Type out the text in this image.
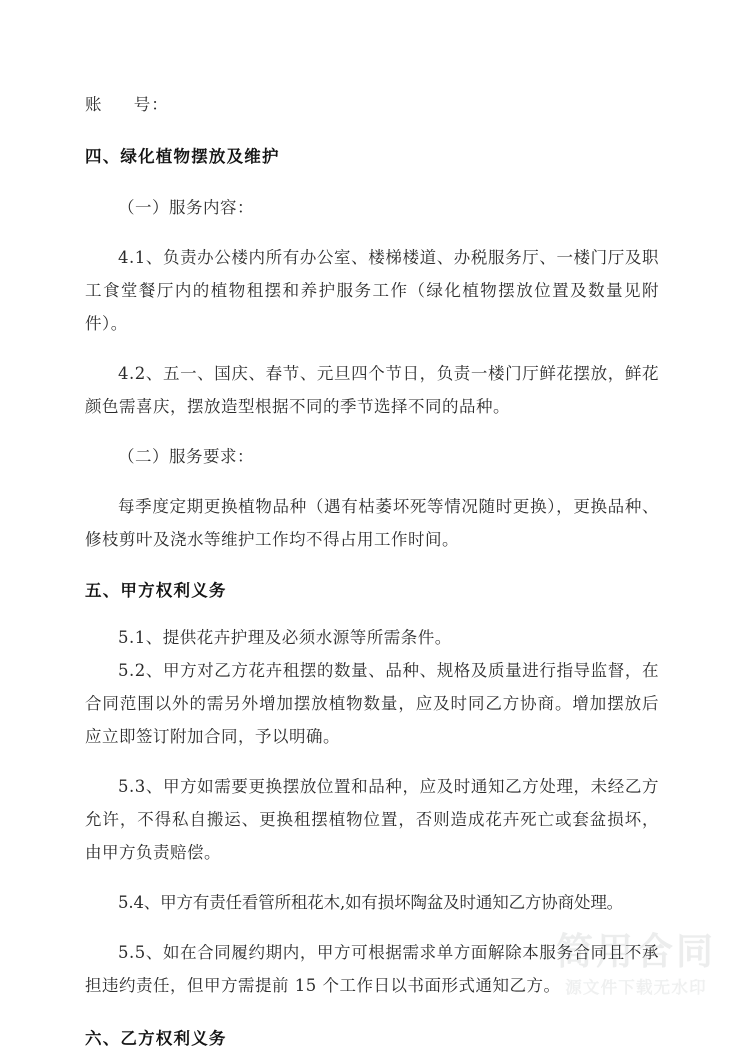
账     号：
四、绿化植物摆放及维护

（一）服务内容：

4.1、负责办公楼内所有办公室、楼梯楼道、办税服务厅、一楼门厅及职工食堂餐厅内的植物租摆和养护服务工作（绿化植物摆放位置及数量见附件）。

4.2、五一、国庆、春节、元旦四个节日，负责一楼门厅鲜花摆放，鲜花颜色需喜庆，摆放造型根据不同的季节选择不同的品种。

（二）服务要求：

每季度定期更换植物品种（遇有枯萎坏死等情况随时更换），更换品种、修枝剪叶及浇水等维护工作均不得占用工作时间。

五、甲方权利义务

5.1、提供花卉护理及必须水源等所需条件。

5.2、甲方对乙方花卉租摆的数量、品种、规格及质量进行指导监督，在合同范围以外的需另外增加摆放植物数量，应及时同乙方协商。增加摆放后应立即签订附加合同，予以明确。

5.3、甲方如需要更换摆放位置和品种，应及时通知乙方处理，未经乙方允许，不得私自搬运、更换租摆植物位置，否则造成花卉死亡或套盆损坏，由甲方负责赔偿。

5.4、甲方有责任看管所租花木,如有损坏陶盆及时通知乙方协商处理。

5.5、如在合同履约期内，甲方可根据需求单方面解除本服务合同且不承担违约责任，但甲方需提前 15 个工作日以书面形式通知乙方。

六、乙方权利义务
简用合同
源文件下载无水印
